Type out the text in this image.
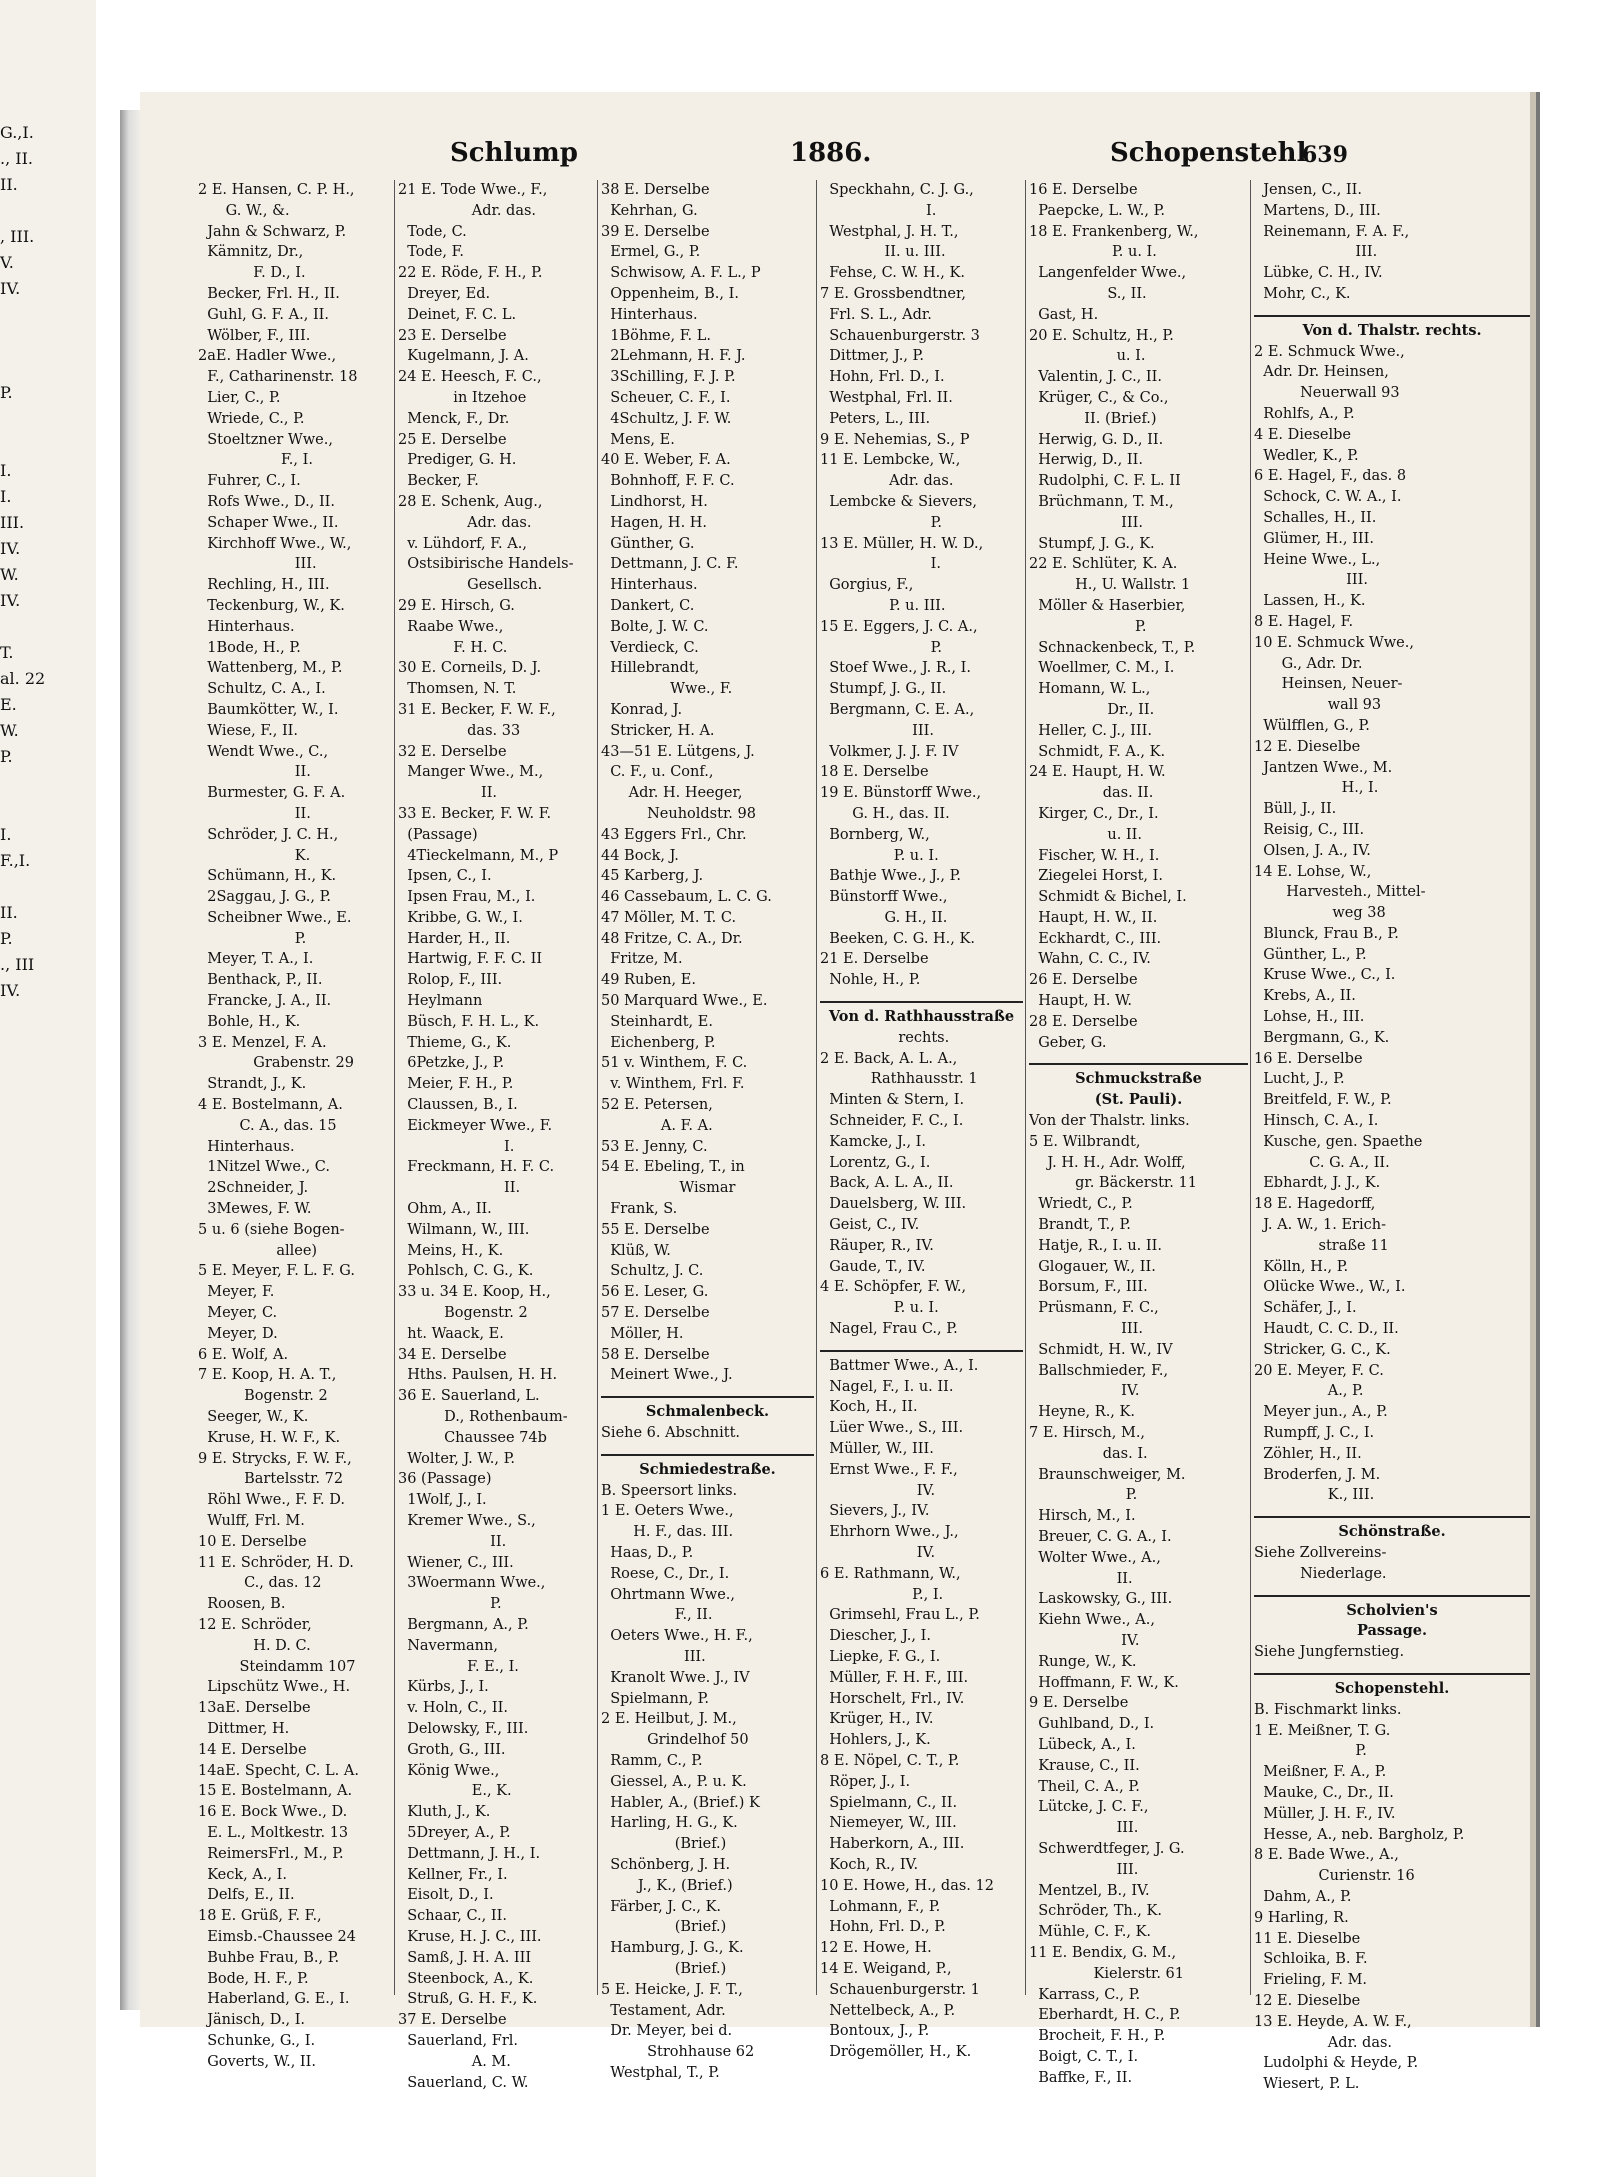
G.,I.
., II.
II.
, III.
V.
IV.
P.
I.
I.
III.
IV.
W.
IV.
T.
al. 22
E.
W.
P.
I.
F.,I.
II.
P.
., III
IV.
Schlump	1886.	Schopenstehl
639
2 E. Hansen, C. P. H.,
G. W., &.
Jahn & Schwarz, P.
Kämnitz, Dr.,
F. D., I.
Becker, Frl. H., II.
Guhl, G. F. A., II.
Wölber, F., III.
2aE. Hadler Wwe.,
F., Catharinenstr. 18
Lier, C., P.
Wriede, C., P.
Stoeltzner Wwe.,
F., I.
Fuhrer, C., I.
Rofs Wwe., D., II.
Schaper Wwe., II.
Kirchhoff Wwe., W.,
III.
Rechling, H., III.
Teckenburg, W., K.
Hinterhaus.
1Bode, H., P.
Wattenberg, M., P.
Schultz, C. A., I.
Baumkötter, W., I.
Wiese, F., II.
Wendt Wwe., C.,
II.
Burmester, G. F. A.
II.
Schröder, J. C. H.,
K.
Schümann, H., K.
2Saggau, J. G., P.
Scheibner Wwe., E.
P.
Meyer, T. A., I.
Benthack, P., II.
Francke, J. A., II.
Bohle, H., K.
3 E. Menzel, F. A.
Grabenstr. 29
Strandt, J., K.
4 E. Bostelmann, A.
C. A., das. 15
Hinterhaus.
1Nitzel Wwe., C.
2Schneider, J.
3Mewes, F. W.
5 u. 6 (siehe Bogen-
allee)
5 E. Meyer, F. L. F. G.
Meyer, F.
Meyer, C.
Meyer, D.
6 E. Wolf, A.
7 E. Koop, H. A. T.,
Bogenstr. 2
Seeger, W., K.
Kruse, H. W. F., K.
9 E. Strycks, F. W. F.,
Bartelsstr. 72
Röhl Wwe., F. F. D.
Wulff, Frl. M.
10 E. Derselbe
11 E. Schröder, H. D.
C., das. 12
Roosen, B.
12 E. Schröder,
H. D. C.
Steindamm 107
Lipschütz Wwe., H.
13aE. Derselbe
Dittmer, H.
14 E. Derselbe
14aE. Specht, C. L. A.
15 E. Bostelmann, A.
16 E. Bock Wwe., D.
E. L., Moltkestr. 13
ReimersFrl., M., P.
Keck, A., I.
Delfs, E., II.
18 E. Grüß, F. F.,
Eimsb.-Chaussee 24
Buhbe Frau, B., P.
Bode, H. F., P.
Haberland, G. E., I.
Jänisch, D., I.
Schunke, G., I.
Goverts, W., II.
21 E. Tode Wwe., F.,
Adr. das.
Tode, C.
Tode, F.
22 E. Röde, F. H., P.
Dreyer, Ed.
Deinet, F. C. L.
23 E. Derselbe
Kugelmann, J. A.
24 E. Heesch, F. C.,
in Itzehoe
Menck, F., Dr.
25 E. Derselbe
Prediger, G. H.
Becker, F.
28 E. Schenk, Aug.,
Adr. das.
v. Lühdorf, F. A.,
Ostsibirische Handels-
Gesellsch.
29 E. Hirsch, G.
Raabe Wwe.,
F. H. C.
30 E. Corneils, D. J.
Thomsen, N. T.
31 E. Becker, F. W. F.,
das. 33
32 E. Derselbe
Manger Wwe., M.,
II.
33 E. Becker, F. W. F.
(Passage)
4Tieckelmann, M., P
Ipsen, C., I.
Ipsen Frau, M., I.
Kribbe, G. W., I.
Harder, H., II.
Hartwig, F. F. C. II
Rolop, F., III.
Heylmann
Büsch, F. H. L., K.
Thieme, G., K.
6Petzke, J., P.
Meier, F. H., P.
Claussen, B., I.
Eickmeyer Wwe., F.
I.
Freckmann, H. F. C.
II.
Ohm, A., II.
Wilmann, W., III.
Meins, H., K.
Pohlsch, C. G., K.
33 u. 34 E. Koop, H.,
Bogenstr. 2
ht. Waack, E.
34 E. Derselbe
Hths. Paulsen, H. H.
36 E. Sauerland, L.
D., Rothenbaum-
Chaussee 74b
Wolter, J. W., P.
36 (Passage)
1Wolf, J., I.
Kremer Wwe., S.,
II.
Wiener, C., III.
3Woermann Wwe.,
P.
Bergmann, A., P.
Navermann,
F. E., I.
Kürbs, J., I.
v. Holn, C., II.
Delowsky, F., III.
Groth, G., III.
König Wwe.,
E., K.
Kluth, J., K.
5Dreyer, A., P.
Dettmann, J. H., I.
Kellner, Fr., I.
Eisolt, D., I.
Schaar, C., II.
Kruse, H. J. C., III.
Samß, J. H. A. III
Steenbock, A., K.
Struß, G. H. F., K.
37 E. Derselbe
Sauerland, Frl.
A. M.
Sauerland, C. W.
38 E. Derselbe
Kehrhan, G.
39 E. Derselbe
Ermel, G., P.
Schwisow, A. F. L., P
Oppenheim, B., I.
Hinterhaus.
1Böhme, F. L.
2Lehmann, H. F. J.
3Schilling, F. J. P.
Scheuer, C. F., I.
4Schultz, J. F. W.
Mens, E.
40 E. Weber, F. A.
Bohnhoff, F. F. C.
Lindhorst, H.
Hagen, H. H.
Günther, G.
Dettmann, J. C. F.
Hinterhaus.
Dankert, C.
Bolte, J. W. C.
Verdieck, C.
Hillebrandt,
Wwe., F.
Konrad, J.
Stricker, H. A.
43—51 E. Lütgens, J.
C. F., u. Conf.,
Adr. H. Heeger,
Neuholdstr. 98
43 Eggers Frl., Chr.
44 Bock, J.
45 Karberg, J.
46 Cassebaum, L. C. G.
47 Möller, M. T. C.
48 Fritze, C. A., Dr.
Fritze, M.
49 Ruben, E.
50 Marquard Wwe., E.
Steinhardt, E.
Eichenberg, P.
51 v. Winthem, F. C.
v. Winthem, Frl. F.
52 E. Petersen,
A. F. A.
53 E. Jenny, C.
54 E. Ebeling, T., in
Wismar
Frank, S.
55 E. Derselbe
Klüß, W.
Schultz, J. C.
56 E. Leser, G.
57 E. Derselbe
Möller, H.
58 E. Derselbe
Meinert Wwe., J.
Schmalenbeck.
Siehe 6. Abschnitt.
Schmiedestraße.
B. Speersort links.
1 E. Oeters Wwe.,
H. F., das. III.
Haas, D., P.
Roese, C., Dr., I.
Ohrtmann Wwe.,
F., II.
Oeters Wwe., H. F.,
III.
Kranolt Wwe. J., IV
Spielmann, P.
2 E. Heilbut, J. M.,
Grindelhof 50
Ramm, C., P.
Giessel, A., P. u. K.
Habler, A., (Brief.) K
Harling, H. G., K.
(Brief.)
Schönberg, J. H.
J., K., (Brief.)
Färber, J. C., K.
(Brief.)
Hamburg, J. G., K.
(Brief.)
5 E. Heicke, J. F. T.,
Testament, Adr.
Dr. Meyer, bei d.
Strohhause 62
Westphal, T., P.
Speckhahn, C. J. G.,
I.
Westphal, J. H. T.,
II. u. III.
Fehse, C. W. H., K.
7 E. Grossbendtner,
Frl. S. L., Adr.
Schauenburgerstr. 3
Dittmer, J., P.
Hohn, Frl. D., I.
Westphal, Frl. II.
Peters, L., III.
9 E. Nehemias, S., P
11 E. Lembcke, W.,
Adr. das.
Lembcke & Sievers,
P.
13 E. Müller, H. W. D.,
I.
Gorgius, F.,
P. u. III.
15 E. Eggers, J. C. A.,
P.
Stoef Wwe., J. R., I.
Stumpf, J. G., II.
Bergmann, C. E. A.,
III.
Volkmer, J. J. F. IV
18 E. Derselbe
19 E. Bünstorff Wwe.,
G. H., das. II.
Bornberg, W.,
P. u. I.
Bathje Wwe., J., P.
Bünstorff Wwe.,
G. H., II.
Beeken, C. G. H., K.
21 E. Derselbe
Nohle, H., P.
Von d. Rathhausstraße
rechts.
2 E. Back, A. L. A.,
Rathhausstr. 1
Minten & Stern, I.
Schneider, F. C., I.
Kamcke, J., I.
Lorentz, G., I.
Back, A. L. A., II.
Dauelsberg, W. III.
Geist, C., IV.
Räuper, R., IV.
Gaude, T., IV.
4 E. Schöpfer, F. W.,
P. u. I.
Nagel, Frau C., P.
Battmer Wwe., A., I.
Nagel, F., I. u. II.
Koch, H., II.
Lüer Wwe., S., III.
Müller, W., III.
Ernst Wwe., F. F.,
IV.
Sievers, J., IV.
Ehrhorn Wwe., J.,
IV.
6 E. Rathmann, W.,
P., I.
Grimsehl, Frau L., P.
Diescher, J., I.
Liepke, F. G., I.
Müller, F. H. F., III.
Horschelt, Frl., IV.
Krüger, H., IV.
Hohlers, J., K.
8 E. Nöpel, C. T., P.
Röper, J., I.
Spielmann, C., II.
Niemeyer, W., III.
Haberkorn, A., III.
Koch, R., IV.
10 E. Howe, H., das. 12
Lohmann, F., P.
Hohn, Frl. D., P.
12 E. Howe, H.
14 E. Weigand, P.,
Schauenburgerstr. 1
Nettelbeck, A., P.
Bontoux, J., P.
Drögemöller, H., K.
16 E. Derselbe
Paepcke, L. W., P.
18 E. Frankenberg, W.,
P. u. I.
Langenfelder Wwe.,
S., II.
Gast, H.
20 E. Schultz, H., P.
u. I.
Valentin, J. C., II.
Krüger, C., & Co.,
II. (Brief.)
Herwig, G. D., II.
Herwig, D., II.
Rudolphi, C. F. L. II
Brüchmann, T. M.,
III.
Stumpf, J. G., K.
22 E. Schlüter, K. A.
H., U. Wallstr. 1
Möller & Haserbier,
P.
Schnackenbeck, T., P.
Woellmer, C. M., I.
Homann, W. L.,
Dr., II.
Heller, C. J., III.
Schmidt, F. A., K.
24 E. Haupt, H. W.
das. II.
Kirger, C., Dr., I.
u. II.
Fischer, W. H., I.
Ziegelei Horst, I.
Schmidt & Bichel, I.
Haupt, H. W., II.
Eckhardt, C., III.
Wahn, C. C., IV.
26 E. Derselbe
Haupt, H. W.
28 E. Derselbe
Geber, G.
Schmuckstraße
(St. Pauli).
Von der Thalstr. links.
5 E. Wilbrandt,
J. H. H., Adr. Wolff,
gr. Bäckerstr. 11
Wriedt, C., P.
Brandt, T., P.
Hatje, R., I. u. II.
Glogauer, W., II.
Borsum, F., III.
Prüsmann, F. C.,
III.
Schmidt, H. W., IV
Ballschmieder, F.,
IV.
Heyne, R., K.
7 E. Hirsch, M.,
das. I.
Braunschweiger, M.
P.
Hirsch, M., I.
Breuer, C. G. A., I.
Wolter Wwe., A.,
II.
Laskowsky, G., III.
Kiehn Wwe., A.,
IV.
Runge, W., K.
Hoffmann, F. W., K.
9 E. Derselbe
Guhlband, D., I.
Lübeck, A., I.
Krause, C., II.
Theil, C. A., P.
Lütcke, J. C. F.,
III.
Schwerdtfeger, J. G.
III.
Mentzel, B., IV.
Schröder, Th., K.
Mühle, C. F., K.
11 E. Bendix, G. M.,
Kielerstr. 61
Karrass, C., P.
Eberhardt, H. C., P.
Brocheit, F. H., P.
Boigt, C. T., I.
Baffke, F., II.
Jensen, C., II.
Martens, D., III.
Reinemann, F. A. F.,
III.
Lübke, C. H., IV.
Mohr, C., K.
Von d. Thalstr. rechts.
2 E. Schmuck Wwe.,
Adr. Dr. Heinsen,
Neuerwall 93
Rohlfs, A., P.
4 E. Dieselbe
Wedler, K., P.
6 E. Hagel, F., das. 8
Schock, C. W. A., I.
Schalles, H., II.
Glümer, H., III.
Heine Wwe., L.,
III.
Lassen, H., K.
8 E. Hagel, F.
10 E. Schmuck Wwe.,
G., Adr. Dr.
Heinsen, Neuer-
wall 93
Wülfflen, G., P.
12 E. Dieselbe
Jantzen Wwe., M.
H., I.
Büll, J., II.
Reisig, C., III.
Olsen, J. A., IV.
14 E. Lohse, W.,
Harvesteh., Mittel-
weg 38
Blunck, Frau B., P.
Günther, L., P.
Kruse Wwe., C., I.
Krebs, A., II.
Lohse, H., III.
Bergmann, G., K.
16 E. Derselbe
Lucht, J., P.
Breitfeld, F. W., P.
Hinsch, C. A., I.
Kusche, gen. Spaethe
C. G. A., II.
Ebhardt, J. J., K.
18 E. Hagedorff,
J. A. W., 1. Erich-
straße 11
Kölln, H., P.
Olücke Wwe., W., I.
Schäfer, J., I.
Haudt, C. C. D., II.
Stricker, G. C., K.
20 E. Meyer, F. C.
A., P.
Meyer jun., A., P.
Rumpff, J. C., I.
Zöhler, H., II.
Broderfen, J. M.
K., III.
Schönstraße.
Siehe Zollvereins-
Niederlage.
Scholvien's
Passage.
Siehe Jungfernstieg.
Schopenstehl.
B. Fischmarkt links.
1 E. Meißner, T. G.
P.
Meißner, F. A., P.
Mauke, C., Dr., II.
Müller, J. H. F., IV.
Hesse, A., neb. Bargholz, P.
8 E. Bade Wwe., A.,
Curienstr. 16
Dahm, A., P.
9 Harling, R.
11 E. Dieselbe
Schloika, B. F.
Frieling, F. M.
12 E. Dieselbe
13 E. Heyde, A. W. F.,
Adr. das.
Ludolphi & Heyde, P.
Wiesert, P. L.
